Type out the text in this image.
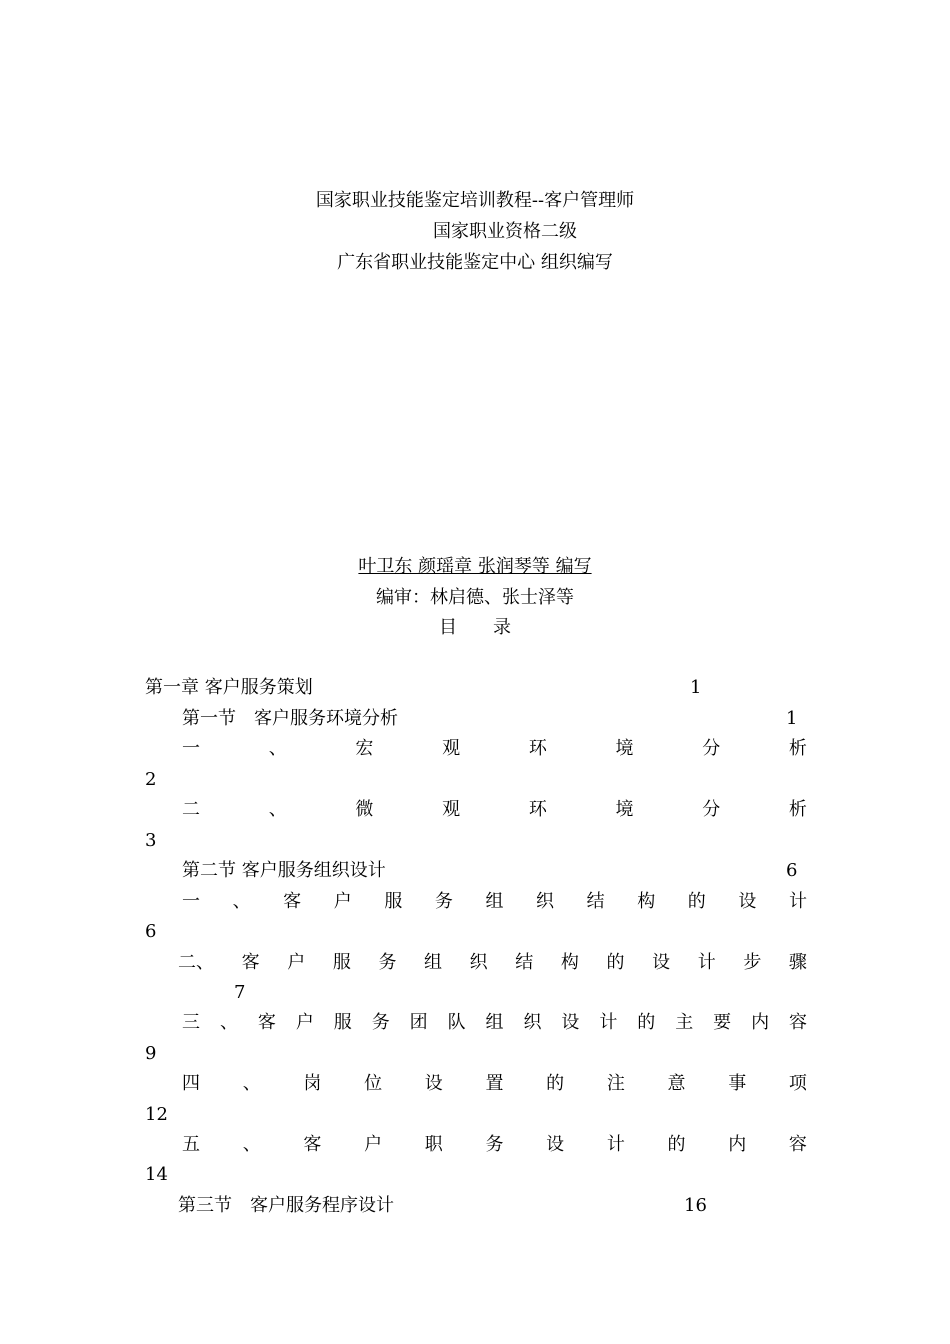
国家职业技能鉴定培训教程--客户管理师
国家职业资格二级
广东省职业技能鉴定中心 组织编写
叶卫东 颜瑶章 张润琴等 编写
编审：林启德、张士泽等
目　　录
第一章 客户服务策划	1
第一节　客户服务环境分析	1
一	、	宏	观	环	境	分	析
2
二	、	微	观	环	境	分	析
3
第二节 客户服务组织设计	6
一 、 客 户 服 务 组 织 结 构 的 设 计
6
二、 客 户 服 务 组 织 结 构 的 设 计 步 骤
7
三 、 客 户 服 务 团 队 组 织 设 计 的 主 要 内 容
9
四 、 岗 位 设 置 的 注 意 事 项
12
五 、 客 户 职 务 设 计 的 内 容
14
第三节　客户服务程序设计	16
